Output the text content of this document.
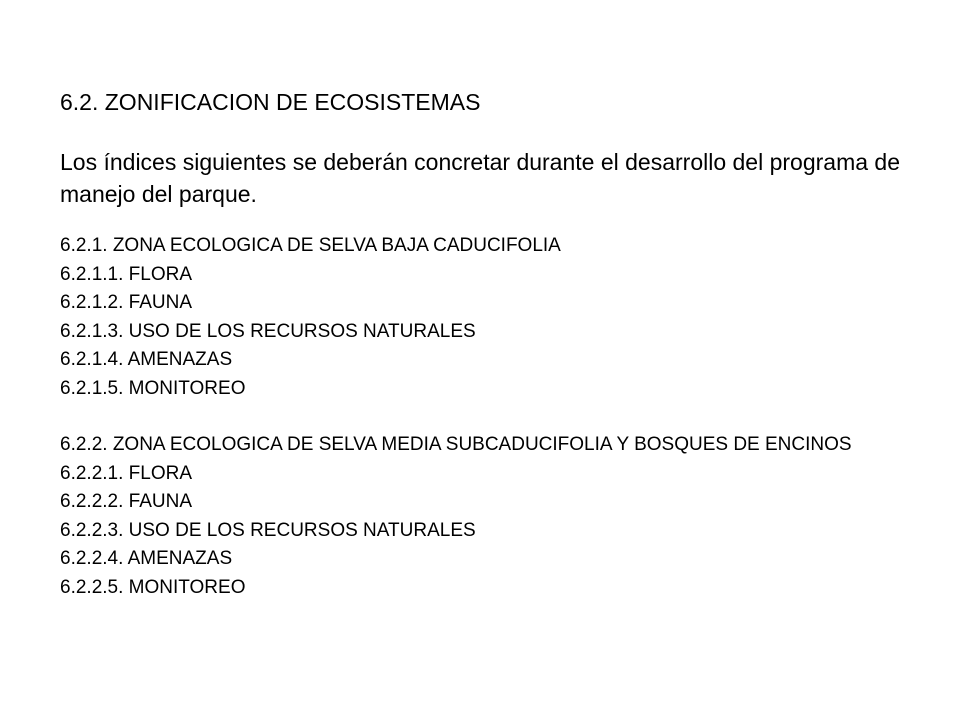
6.2. ZONIFICACION DE ECOSISTEMAS

Los índices siguientes se deberán concretar durante el desarrollo del programa de manejo del parque.

6.2.1. ZONA ECOLOGICA DE SELVA BAJA CADUCIFOLIA

6.2.1.1. FLORA

6.2.1.2. FAUNA

6.2.1.3. USO DE LOS RECURSOS NATURALES

6.2.1.4. AMENAZAS

6.2.1.5. MONITOREO

6.2.2. ZONA ECOLOGICA DE SELVA MEDIA SUBCADUCIFOLIA Y BOSQUES DE ENCINOS

6.2.2.1. FLORA

6.2.2.2. FAUNA

6.2.2.3. USO DE LOS RECURSOS NATURALES

6.2.2.4. AMENAZAS

6.2.2.5. MONITOREO
